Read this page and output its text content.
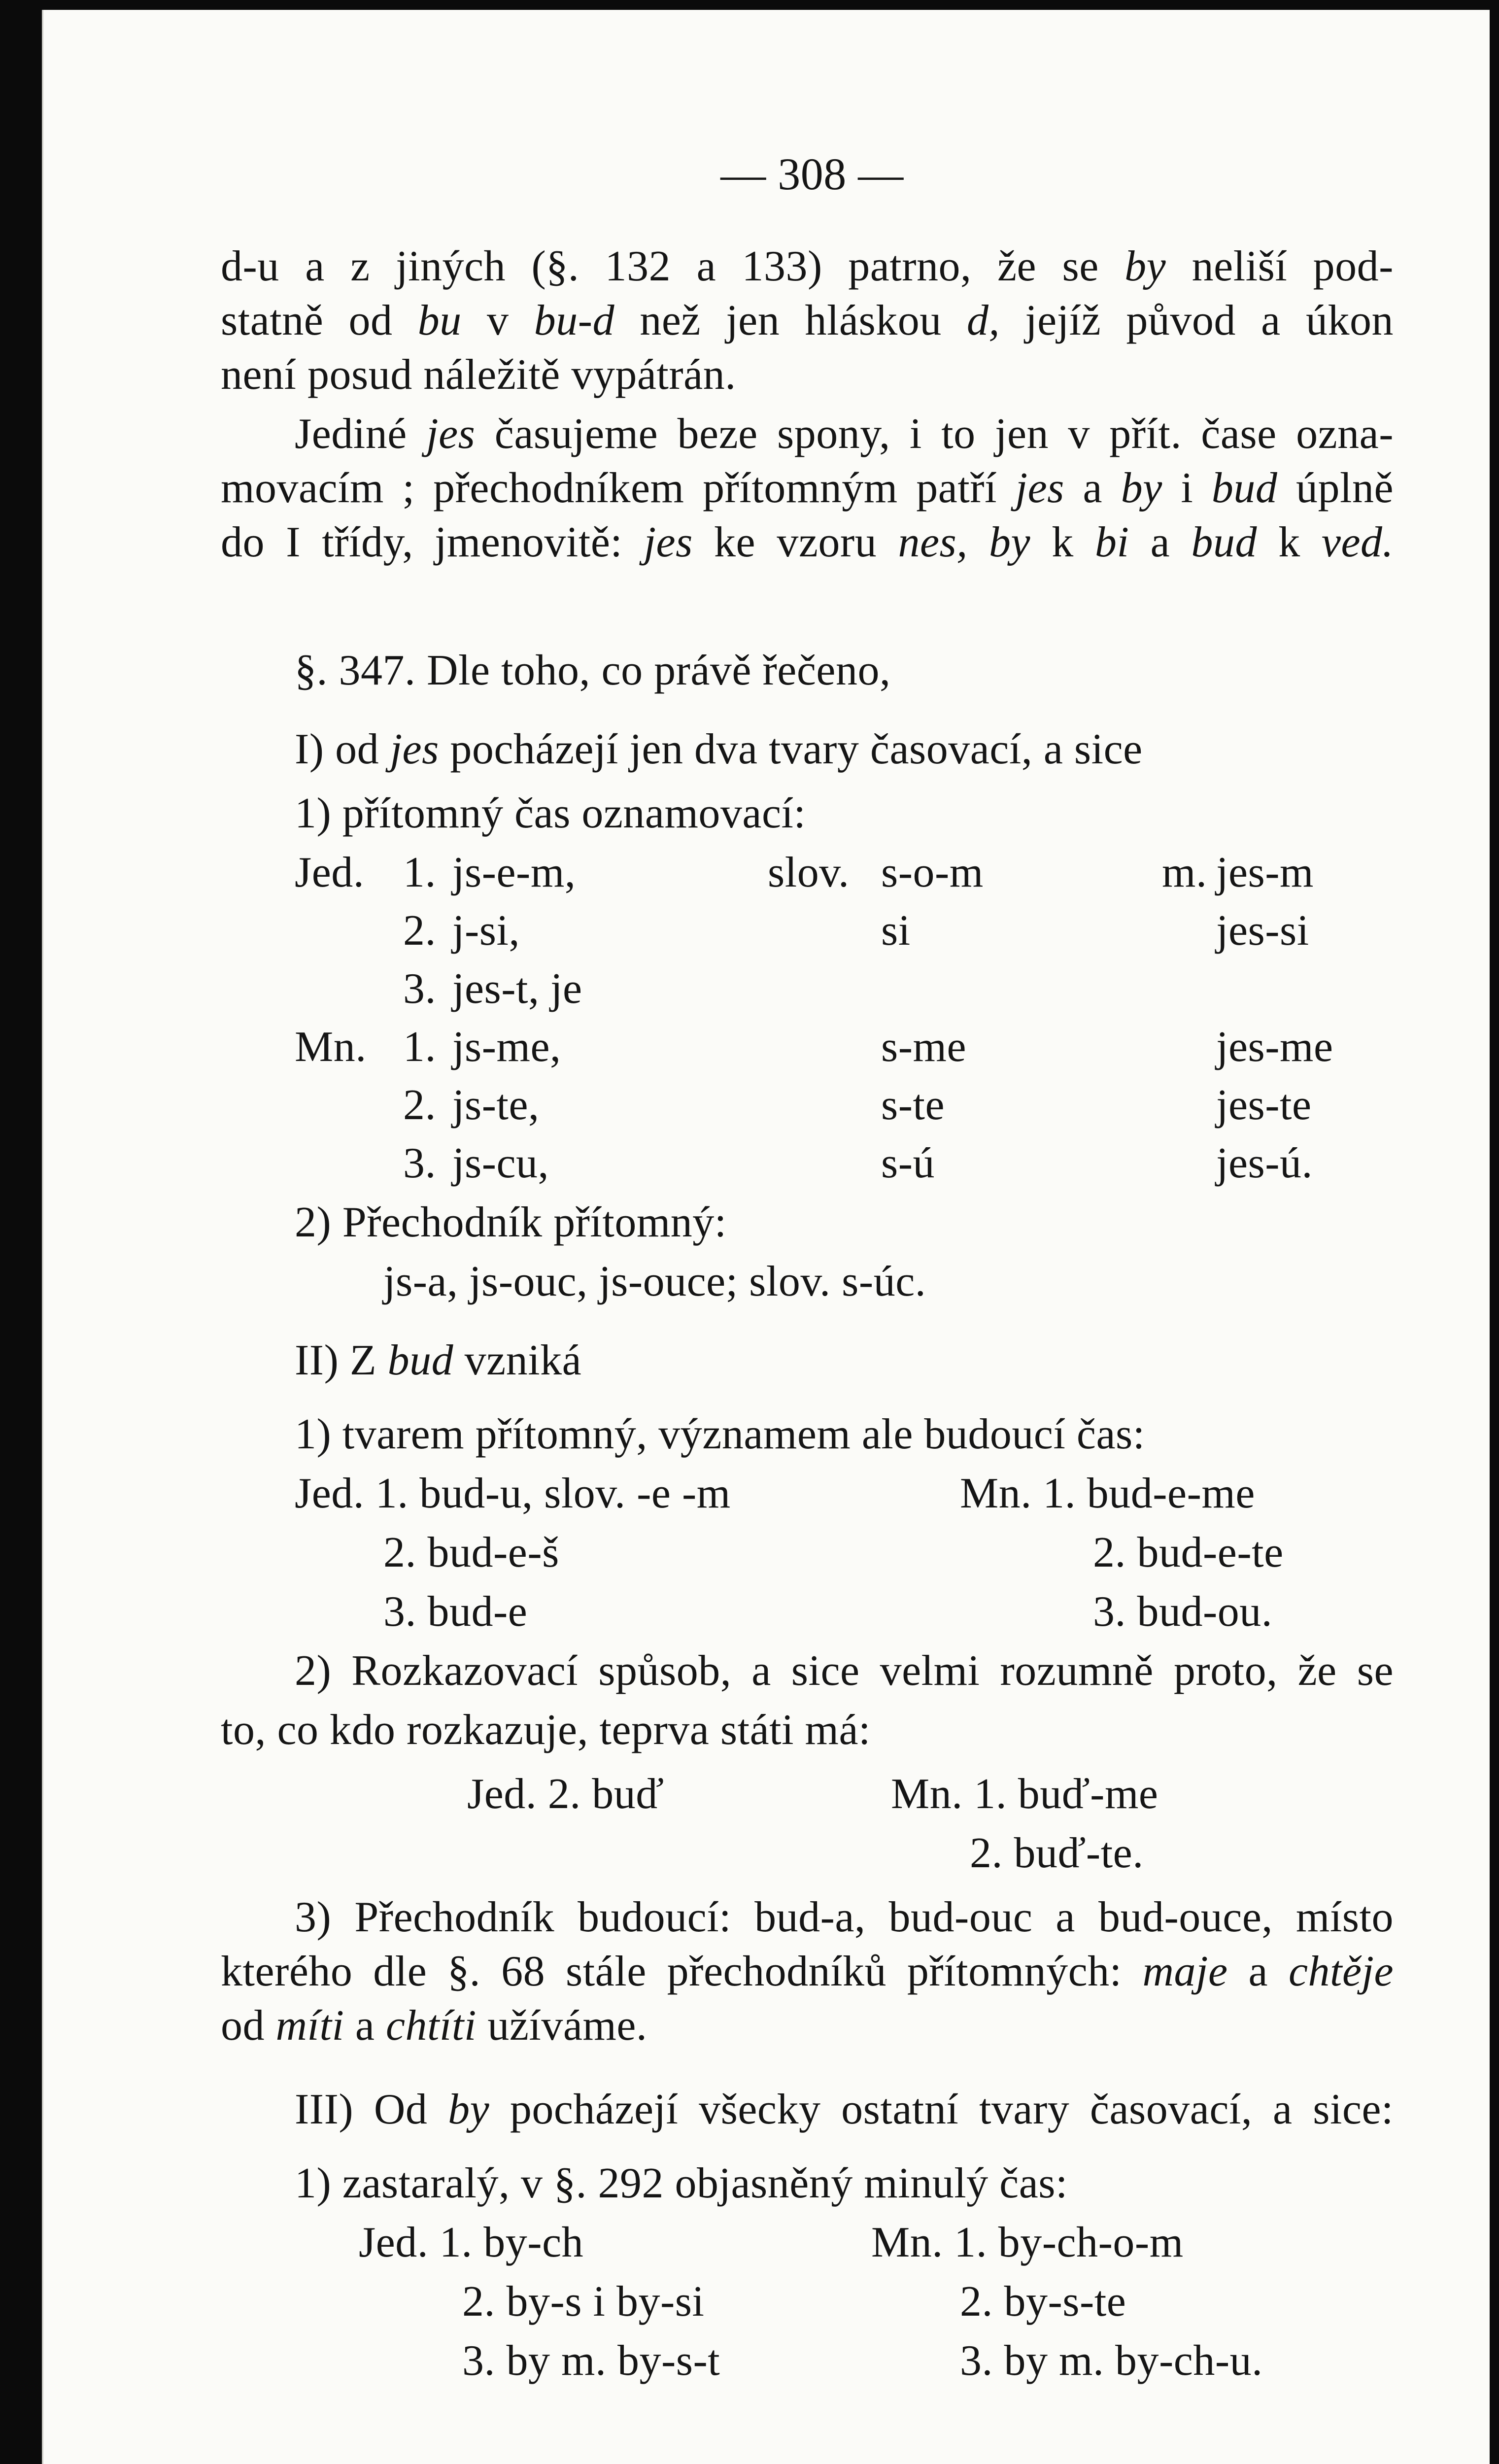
— 308 —
d-u a z jiných (§. 132 a 133) patrno, že se by neliší pod-
statně od bu v bu-d než jen hláskou d, jejíž původ a úkon
není posud náležitě vypátrán.
Jediné jes časujeme beze spony, i to jen v přít. čase ozna-
movacím ; přechodníkem přítomným patří jes a by i bud úplně
do I třídy, jmenovitě: jes ke vzoru nes, by k bi a bud k ved.
§. 347. Dle toho, co právě řečeno,
I) od jes pocházejí jen dva tvary časovací, a sice
1) přítomný čas oznamovací:
Jed. 1. js-e-m,	slov. s-o-m	m. jes-m
2. j-si,	si	jes-si
3. jes-t, je
Mn. 1. js-me,	s-me	jes-me
2. js-te,	s-te	jes-te
3. js-cu,	s-ú	jes-ú.
2) Přechodník přítomný:
js-a, js-ouc, js-ouce; slov. s-úc.
II) Z bud vzniká
1) tvarem přítomný, významem ale budoucí čas:
Jed. 1. bud-u, slov. -e -m	Mn. 1. bud-e-me
2. bud-e-š	2. bud-e-te
3. bud-e	3. bud-ou.
2) Rozkazovací spůsob, a sice velmi rozumně proto, že se
to, co kdo rozkazuje, teprva státi má:
Jed. 2. buď	Mn. 1. buď-me
2. buď-te.
3) Přechodník budoucí: bud-a, bud-ouc a bud-ouce, místo
kterého dle §. 68 stále přechodníků přítomných: maje a chtěje
od míti a chtíti užíváme.
III) Od by pocházejí všecky ostatní tvary časovací, a sice:
1) zastaralý, v §. 292 objasněný minulý čas:
Jed. 1. by-ch	Mn. 1. by-ch-o-m
2. by-s i by-si	2. by-s-te
3. by m. by-s-t	3. by m. by-ch-u.
